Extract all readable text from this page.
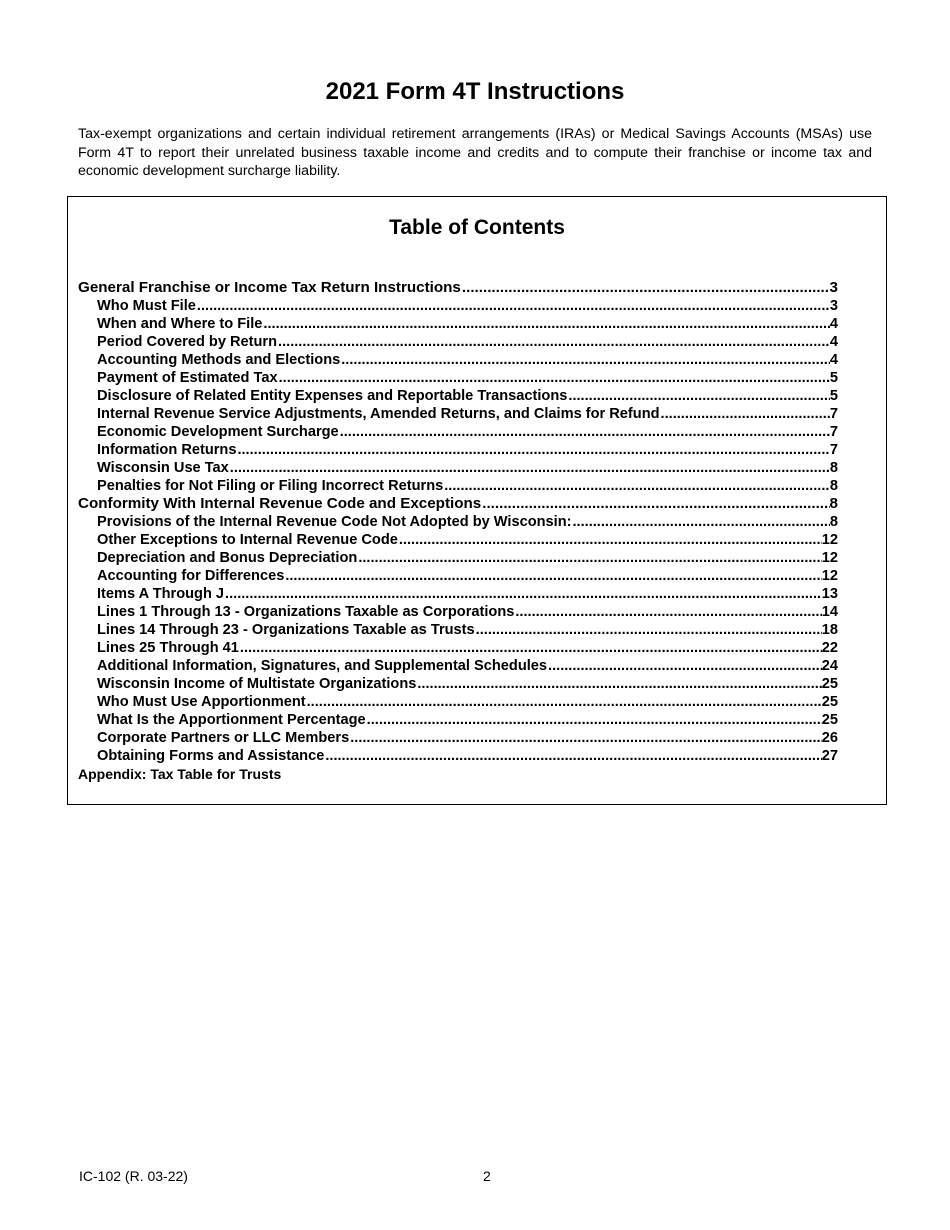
2021 Form 4T Instructions
Tax-exempt organizations and certain individual retirement arrangements (IRAs) or Medical Savings Accounts (MSAs) use Form 4T to report their unrelated business taxable income and credits and to compute their franchise or income tax and economic development surcharge liability.
Table of Contents
General Franchise or Income Tax Return Instructions .....	3
Who Must File .....	3
When and Where to File .....	4
Period Covered by Return .....	4
Accounting Methods and Elections .....	4
Payment of Estimated Tax .....	5
Disclosure of Related Entity Expenses and Reportable Transactions .....	5
Internal Revenue Service Adjustments, Amended Returns, and Claims for Refund .....	7
Economic Development Surcharge .....	7
Information Returns .....	7
Wisconsin Use Tax .....	8
Penalties for Not Filing or Filing Incorrect Returns .....	8
Conformity With Internal Revenue Code and Exceptions .....	8
Provisions of the Internal Revenue Code Not Adopted by Wisconsin: .....	8
Other Exceptions to Internal Revenue Code .....	12
Depreciation and Bonus Depreciation .....	12
Accounting for Differences .....	12
Items A Through J .....	13
Lines 1 Through 13 - Organizations Taxable as Corporations .....	14
Lines 14 Through 23 - Organizations Taxable as Trusts .....	18
Lines 25 Through 41 .....	22
Additional Information, Signatures, and Supplemental Schedules .....	24
Wisconsin Income of Multistate Organizations .....	25
Who Must Use Apportionment .....	25
What Is the Apportionment Percentage .....	25
Corporate Partners or LLC Members .....	26
Obtaining Forms and Assistance .....	27
Appendix: Tax Table for Trusts
IC-102 (R. 03-22)	2
